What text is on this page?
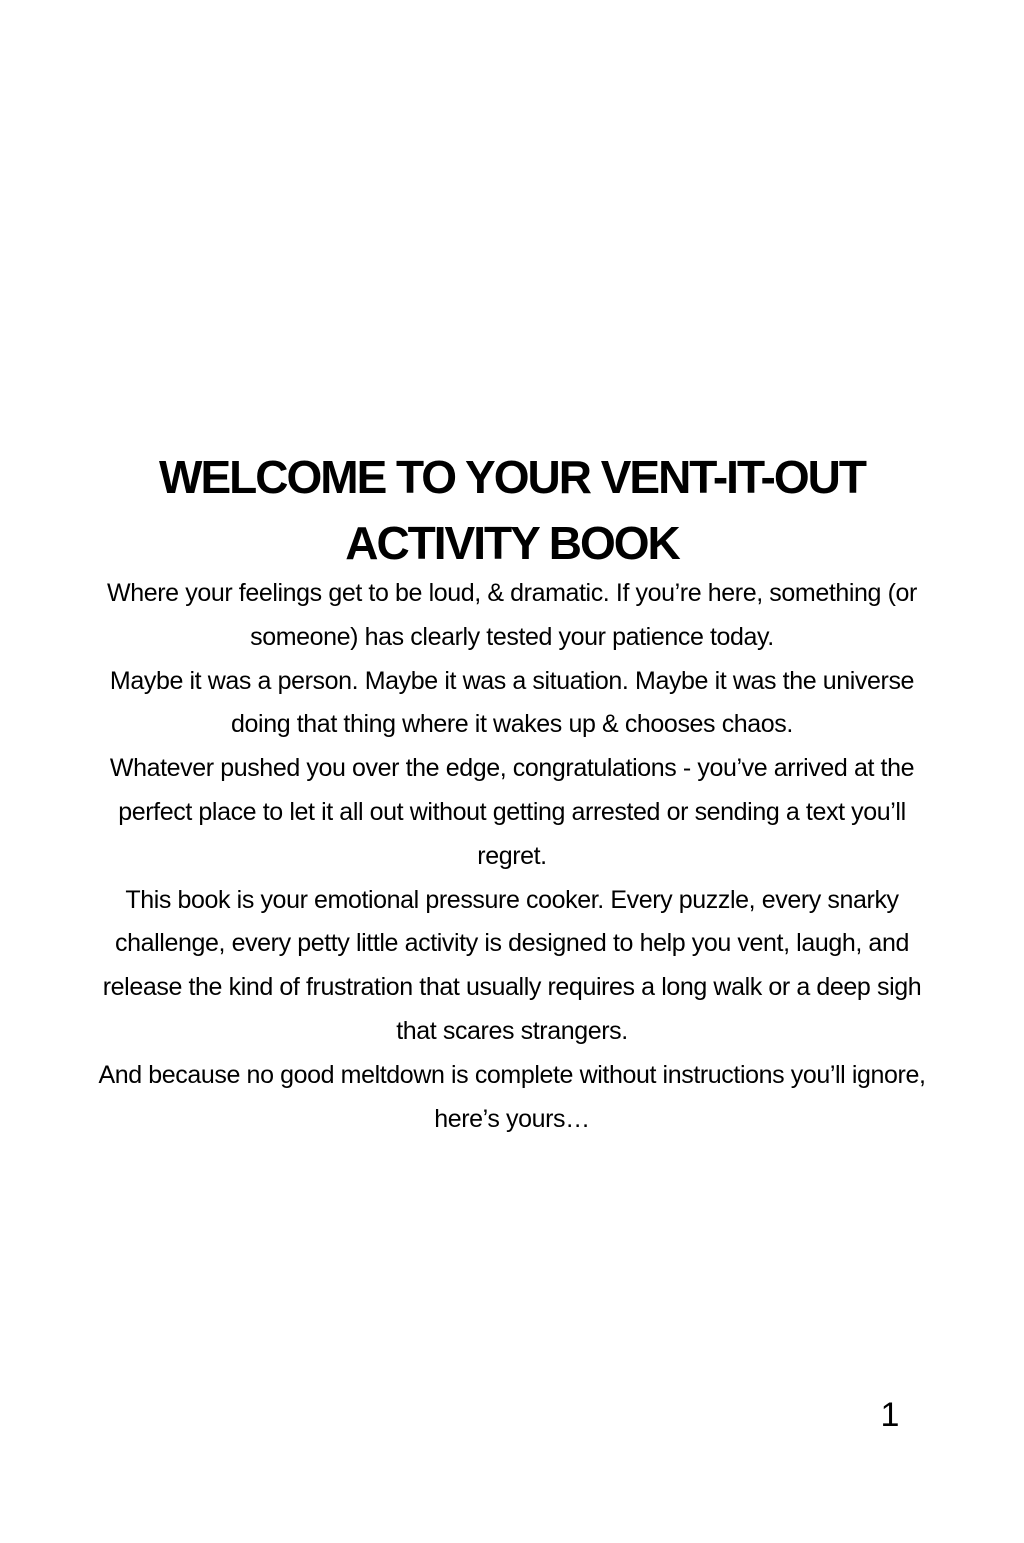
WELCOME TO YOUR VENT-IT-OUT
ACTIVITY BOOK

Where your feelings get to be loud, & dramatic. If you’re here, something (or someone) has clearly tested your patience today.

Maybe it was a person. Maybe it was a situation. Maybe it was the universe doing that thing where it wakes up & chooses chaos.

Whatever pushed you over the edge, congratulations - you’ve arrived at the perfect place to let it all out without getting arrested or sending a text you’ll regret.

This book is your emotional pressure cooker. Every puzzle, every snarky challenge, every petty little activity is designed to help you vent, laugh, and release the kind of frustration that usually requires a long walk or a deep sigh that scares strangers.

And because no good meltdown is complete without instructions you’ll ignore, here’s yours…

1
